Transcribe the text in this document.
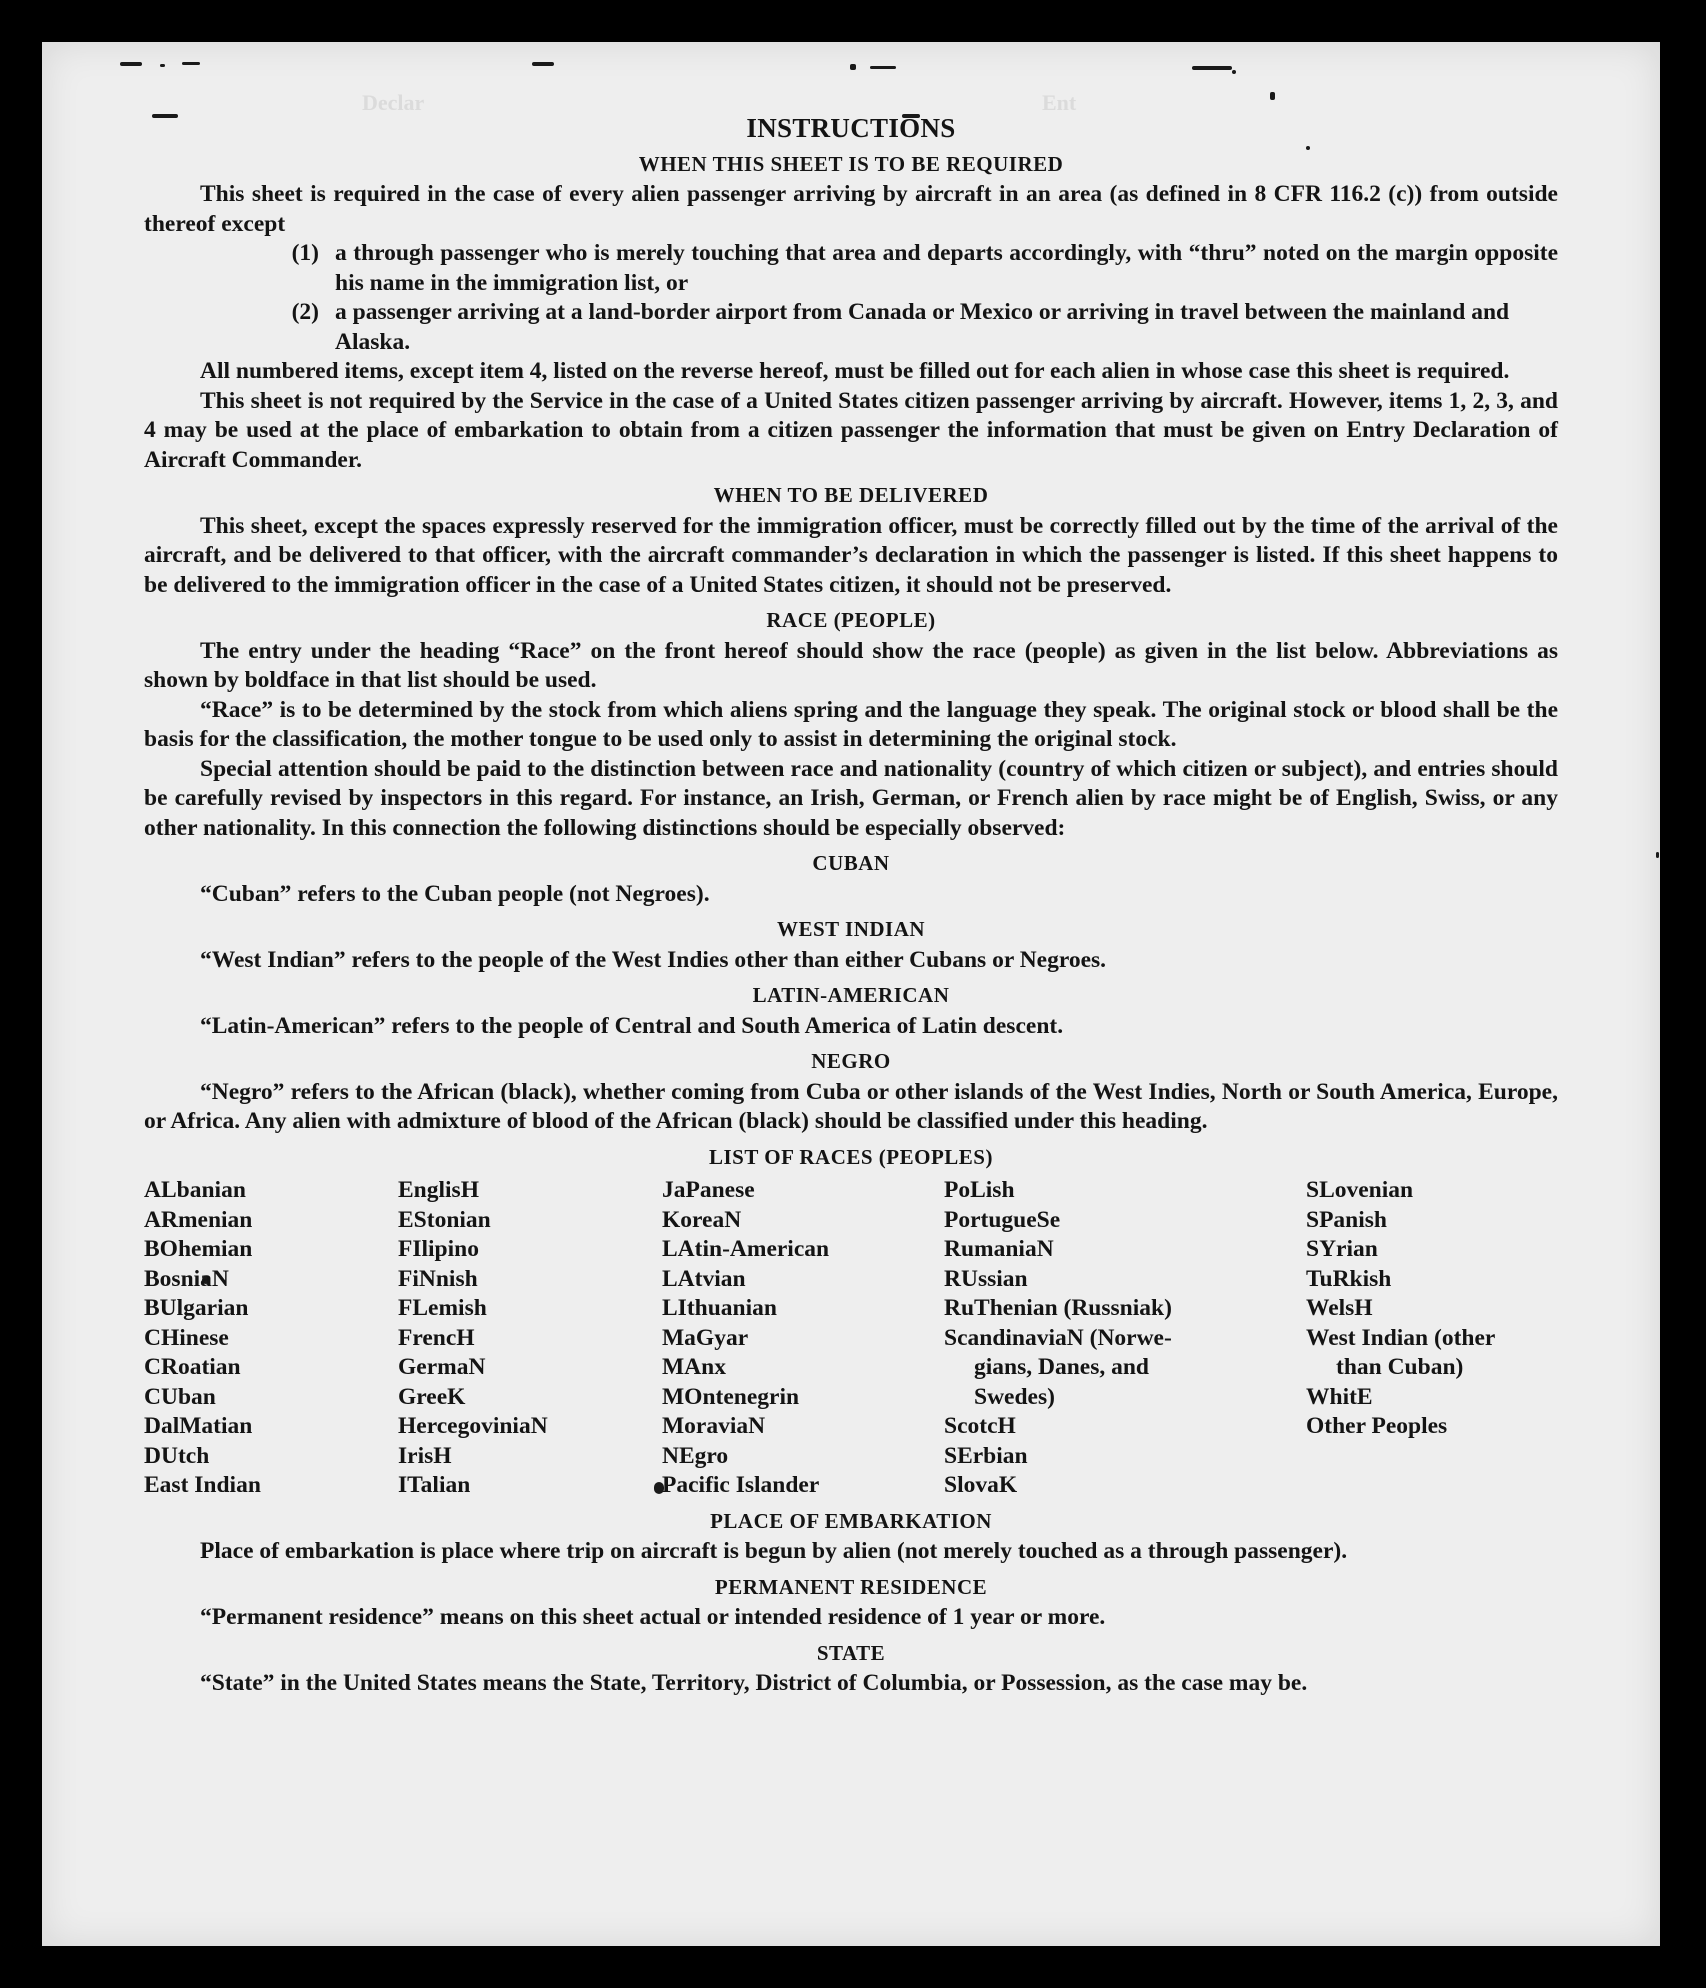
Declar	Ent
INSTRUCTIONS
WHEN THIS SHEET IS TO BE REQUIRED

This sheet is required in the case of every alien passenger arriving by aircraft in an area (as defined in 8 CFR 116.2 (c)) from outside thereof except

(1) a through passenger who is merely touching that area and departs accordingly, with “thru” noted on the margin opposite his name in the immigration list, or
(2) a passenger arriving at a land-border airport from Canada or Mexico or arriving in travel between the mainland and Alaska.

All numbered items, except item 4, listed on the reverse hereof, must be filled out for each alien in whose case this sheet is required.

This sheet is not required by the Service in the case of a United States citizen passenger arriving by aircraft. However, items 1, 2, 3, and 4 may be used at the place of embarkation to obtain from a citizen passenger the information that must be given on Entry Declaration of Aircraft Commander.

WHEN TO BE DELIVERED

This sheet, except the spaces expressly reserved for the immigration officer, must be correctly filled out by the time of the arrival of the aircraft, and be delivered to that officer, with the aircraft commander’s declaration in which the passenger is listed. If this sheet happens to be delivered to the immigration officer in the case of a United States citizen, it should not be preserved.

RACE (PEOPLE)

The entry under the heading “Race” on the front hereof should show the race (people) as given in the list below. Abbreviations as shown by boldface in that list should be used.

“Race” is to be determined by the stock from which aliens spring and the language they speak. The original stock or blood shall be the basis for the classification, the mother tongue to be used only to assist in determining the original stock.

Special attention should be paid to the distinction between race and nationality (country of which citizen or subject), and entries should be carefully revised by inspectors in this regard. For instance, an Irish, German, or French alien by race might be of English, Swiss, or any other nationality. In this connection the following distinctions should be especially observed:

CUBAN

“Cuban” refers to the Cuban people (not Negroes).

WEST INDIAN

“West Indian” refers to the people of the West Indies other than either Cubans or Negroes.

LATIN-AMERICAN

“Latin-American” refers to the people of Central and South America of Latin descent.

NEGRO

“Negro” refers to the African (black), whether coming from Cuba or other islands of the West Indies, North or South America, Europe, or Africa. Any alien with admixture of blood of the African (black) should be classified under this heading.

LIST OF RACES (PEOPLES)
ALbanian
ARmenian
BOhemian
BosniaN
BUlgarian
CHinese
CRoatian
CUban
DalMatian
DUtch
East Indian
EnglisH
EStonian
FIlipino
FiNnish
FLemish
FrencH
GermaN
GreeK
HercegoviniaN
IrisH
ITalian
JaPanese
KoreaN
LAtin-American
LAtvian
LIthuanian
MaGyar
MAnx
MOntenegrin
MoraviaN
NEgro
Pacific Islander
PoLish
PortugueSe
RumaniaN
RUssian
RuThenian (Russniak)
ScandinaviaN (Norwe-
gians, Danes, and
Swedes)
ScotcH
SErbian
SlovaK
SLovenian
SPanish
SYrian
TuRkish
WelsH
West Indian (other
than Cuban)
WhitE
Other Peoples
PLACE OF EMBARKATION

Place of embarkation is place where trip on aircraft is begun by alien (not merely touched as a through passenger).

PERMANENT RESIDENCE

“Permanent residence” means on this sheet actual or intended residence of 1 year or more.

STATE

“State” in the United States means the State, Territory, District of Columbia, or Possession, as the case may be.
